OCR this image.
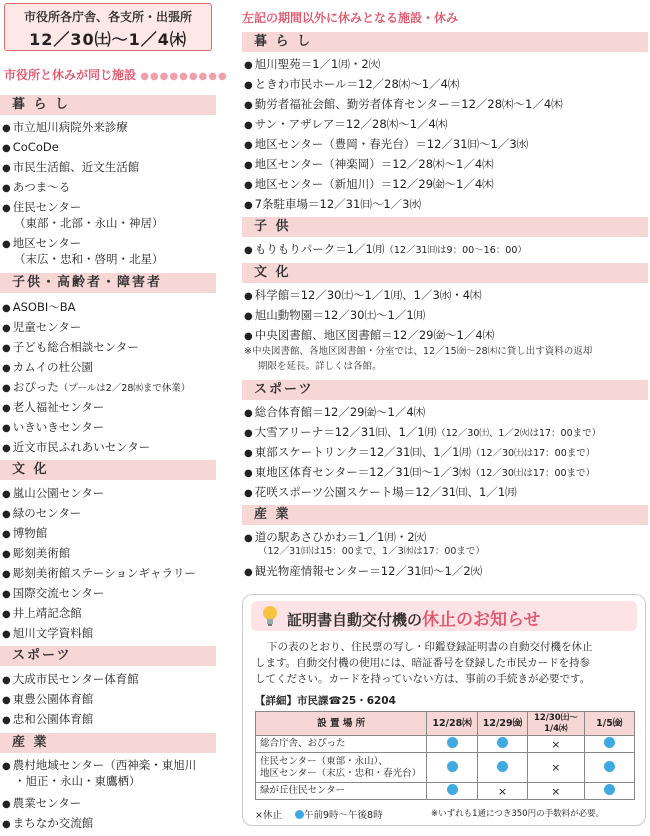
市役所各庁舎、各支所・出張所
12／30㈯〜1／4㈭
市役所と休みが同じ施設 ●●●●●●●●●
暮 ら し
● 市立旭川病院外来診療
● CoCoDe
● 市民生活館、近文生活館
● あつま〜る
● 住民センター
（東部・北部・永山・神居）
● 地区センター
（末広・忠和・啓明・北星）
子供・高齢者・障害者
● ASOBI〜BA
● 児童センター
● 子ども総合相談センター
● カムイの杜公園
● おぴった（プールは2／28㈬まで休業）
● 老人福祉センター
● いきいきセンター
● 近文市民ふれあいセンター
文 化
● 嵐山公園センター
● 緑のセンター
● 博物館
● 彫刻美術館
● 彫刻美術館ステーションギャラリー
● 国際交流センター
● 井上靖記念館
● 旭川文学資料館
スポーツ
● 大成市民センター体育館
● 東豊公園体育館
● 忠和公園体育館
産 業
● 農村地域センター（西神楽・東旭川
・旭正・永山・東鷹栖）
● 農業センター
● まちなか交流館
左記の期間以外に休みとなる施設・休み
暮 ら し
● 旭川聖苑＝1／1㈪・2㈫
● ときわ市民ホール＝12／28㈭〜1／4㈭
● 勤労者福祉会館、勤労者体育センター＝12／28㈭〜1／4㈭
● サン・アザレア＝12／28㈭〜1／4㈭
● 地区センター（豊岡・春光台）＝12／31㈰〜1／3㈬
● 地区センター（神楽岡）＝12／28㈭〜1／4㈭
● 地区センター（新旭川）＝12／29㈮〜1／4㈭
● 7条駐車場＝12／31㈰〜1／3㈬
子 供
● もりもりパーク＝1／1㈪（12／31㈰は9：00〜16：00）
文 化
● 科学館＝12／30㈯〜1／1㈪、1／3㈬・4㈭
● 旭山動物園＝12／30㈯〜1／1㈪
● 中央図書館、地区図書館＝12／29㈮〜1／4㈭
※中央図書館、各地区図書館・分室では、12／15㈮〜28㈭に貸し出す資料の返却
期限を延長。詳しくは各館。
スポーツ
● 総合体育館＝12／29㈮〜1／4㈭
● 大雪アリーナ＝12／31㈰、1／1㈪（12／30㈯、1／2㈫は17：00まで）
● 東部スケートリンク＝12／31㈰、1／1㈪（12／30㈯は17：00まで）
● 東地区体育センター＝12／31㈰〜1／3㈬（12／30㈯は17：00まで）
● 花咲スポーツ公園スケート場＝12／31㈰、1／1㈪
産 業
● 道の駅あさひかわ＝1／1㈪・2㈫
（12／31㈰は15：00まで、1／3㈬は17：00まで）
● 観光物産情報センター＝12／31㈰〜1／2㈫
証明書自動交付機の休止のお知らせ
下の表のとおり、住民票の写し・印鑑登録証明書の自動交付機を休止
します。自動交付機の使用には、暗証番号を登録した市民カードを持参
してください。カードを持っていない方は、事前の手続きが必要です。
【詳細】市民課☎25・6204
設 置 場 所	12/28㈭	12/29㈮	12/30㈯〜1/4㈭	1/5㈮
総合庁舎、おぴった			×	

住民センター（東部・永山）、
地区センター（末広・忠和・春光台）			×	
緑が丘住民センター		×	×	
×休止 午前9時〜午後8時	※いずれも1通につき350円の手数料が必要。
